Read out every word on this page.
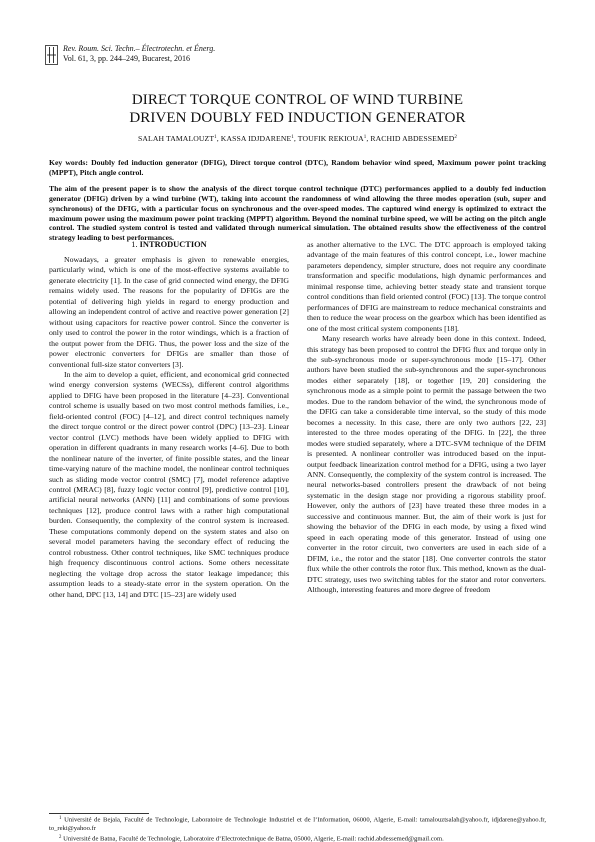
Rev. Roum. Sci. Techn.– Électrotechn. et Énerg.
Vol. 61, 3, pp. 244–249, Bucarest, 2016
DIRECT TORQUE CONTROL OF WIND TURBINE
DRIVEN DOUBLY FED INDUCTION GENERATOR
SALAH TAMALOUZT$^1$, KASSA IDJDARENE$^1$, TOUFIK REKIOUA$^1$, RACHID ABDESSEMED$^2$
Key words: Doubly fed induction generator (DFIG), Direct torque control (DTC), Random behavior wind speed, Maximum power point tracking (MPPT), Pitch angle control.
The aim of the present paper is to show the analysis of the direct torque control technique (DTC) performances applied to a doubly fed induction generator (DFIG) driven by a wind turbine (WT), taking into account the randomness of wind allowing the three modes operation (sub, super and synchronous) of the DFIG, with a particular focus on synchronous and the over-speed modes. The captured wind energy is optimized to extract the maximum power using the maximum power point tracking (MPPT) algorithm. Beyond the nominal turbine speed, we will be acting on the pitch angle control. The studied system control is tested and validated through numerical simulation. The obtained results show the effectiveness of the control strategy leading to best performances.
1. INTRODUCTION

Nowadays, a greater emphasis is given to renewable energies, particularly wind, which is one of the most-effective systems available to generate electricity [1]. In the case of grid connected wind energy, the DFIG remains widely used. The reasons for the popularity of DFIGs are the potential of delivering high yields in regard to energy production and allowing an independent control of active and reactive power generation [2] without using capacitors for reactive power control. Since the converter is only used to control the power in the rotor windings, which is a fraction of the output power from the DFIG. Thus, the power loss and the size of the power electronic converters for DFIGs are smaller than those of conventional full-size stator converters [3].

In the aim to develop a quiet, efficient, and economical grid connected wind energy conversion systems (WECSs), different control algorithms applied to DFIG have been proposed in the literature [4–23]. Conventional control scheme is usually based on two most control methods families, i.e., field-oriented control (FOC) [4–12], and direct control techniques namely the direct torque control or the direct power control (DPC) [13–23]. Linear vector control (LVC) methods have been widely applied to DFIG with operation in different quadrants in many research works [4–6]. Due to both the nonlinear nature of the inverter, of finite possible states, and the linear time-varying nature of the machine model, the nonlinear control techniques such as sliding mode vector control (SMC) [7], model reference adaptive control (MRAC) [8], fuzzy logic vector control [9], predictive control [10], artificial neural networks (ANN) [11] and combinations of some previous techniques [12], produce control laws with a rather high computational burden. Consequently, the complexity of the control system is increased. These computations commonly depend on the system states and also on several model parameters having the secondary effect of reducing the control robustness. Other control techniques, like SMC techniques produce high frequency discontinuous control actions. Some others necessitate neglecting the voltage drop across the stator leakage impedance; this assumption leads to a steady-state error in the system operation. On the other hand, DPC [13, 14] and DTC [15–23] are widely used

as another alternative to the LVC. The DTC approach is employed taking advantage of the main features of this control concept, i.e., lower machine parameters dependency, simpler structure, does not require any coordinate transformation and specific modulations, high dynamic performances and minimal response time, achieving better steady state and transient torque control conditions than field oriented control (FOC) [13]. The torque control performances of DFIG are mainstream to reduce mechanical constraints and then to reduce the wear process on the gearbox which has been identified as one of the most critical system components [18].

Many research works have already been done in this context. Indeed, this strategy has been proposed to control the DFIG flux and torque only in the sub-synchronous mode or super-synchronous mode [15–17]. Other authors have been studied the sub-synchronous and the super-synchronous modes either separately [18], or together [19, 20] considering the synchronous mode as a simple point to permit the passage between the two modes. Due to the random behavior of the wind, the synchronous mode of the DFIG can take a considerable time interval, so the study of this mode becomes a necessity. In this case, there are only two authors [22, 23] interested to the three modes operating of the DFIG. In [22], the three modes were studied separately, where a DTC-SVM technique of the DFIM is presented. A nonlinear controller was introduced based on the input-output feedback linearization control method for a DFIG, using a two layer ANN. Consequently, the complexity of the system control is increased. The neural networks-based controllers present the drawback of not being systematic in the design stage nor providing a rigorous stability proof. However, only the authors of [23] have treated these three modes in a successive and continuous manner. But, the aim of their work is just for showing the behavior of the DFIG in each mode, by using a fixed wind speed in each operating mode of this generator. Instead of using one converter in the rotor circuit, two converters are used in each side of a DFIM, i.e., the rotor and the stator [18]. One converter controls the stator flux while the other controls the rotor flux. This method, known as the dual-DTC strategy, uses two switching tables for the stator and rotor converters. Although, interesting features and more degree of freedom

$^1$ Université de Bejaïa, Faculté de Technologie, Laboratoire de Technologie Industriel et de l’Information, 06000, Algerie, E-mail: tamalouztsalah@yahoo.fr, idjdarene@yahoo.fr, to_reki@yahoo.fr
$^2$ Université de Batna, Faculté de Technologie, Laboratoire d’Electrotechnique de Batna, 05000, Algerie, E-mail: rachid.abdessemed@gmail.com.
